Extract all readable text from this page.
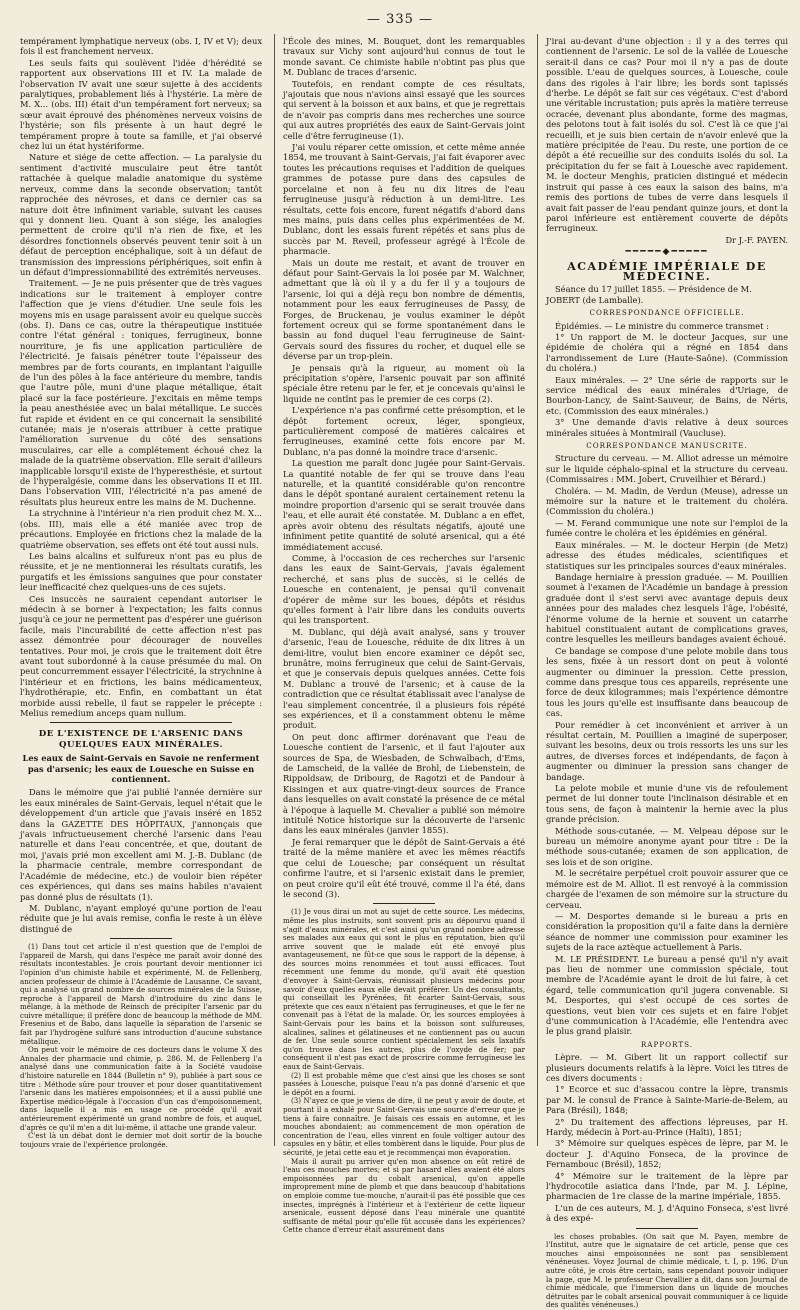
— 335 —

tempérament lymphatique nerveux (obs. I, IV et V); deux fois il est franchement nerveux.

Les seuls faits qui soulèvent l'idée d'hérédité se rapportent aux observations III et IV. La malade de l'observation IV avait une sœur sujette à des accidents paralytiques, probablement liés à l'hystérie. La mère de M. X... (obs. III) était d'un tempérament fort nerveux; sa sœur avait éprouvé des phénomènes nerveux voisins de l'hystérie; son fils présente à un haut degré le tempérament propre à toute sa famille, et j'ai observé chez lui un état hystériforme.

Nature et siége de cette affection. — La paralysie du sentiment d'activité musculaire peut être tantôt rattachée à quelque maladie anatomique du système nerveux, comme dans la seconde observation; tantôt rapprochée des névroses, et dans ce dernier cas sa nature doit être infiniment variable, suivant les causes qui y donnent lieu. Quant à son siége, les analogies permettent de croire qu'il n'a rien de fixe, et les désordres fonctionnels observés peuvent tenir soit à un défaut de perception encéphalique, soit à un défaut de transmission des impressions périphériques, soit enfin à un défaut d'impressionnabilité des extrémités nerveuses.

Traitement. — Je ne puis présenter que de très vagues indications sur le traitement à employer contre l'affection que je viens d'étudier. Une seule fois les moyens mis en usage paraissent avoir eu quelque succès (obs. I). Dans ce cas, outre la thérapeutique instituée contre l'état général : toniques, ferrugineux, bonne nourriture, je fis une application particulière de l'électricité. Je faisais pénétrer toute l'épaisseur des membres par de forts courants, en implantant l'aiguille de l'un des pôles à la face antérieure du membre, tandis que l'autre pôle, muni d'une plaque métallique, était placé sur la face postérieure. J'excitais en même temps la peau anesthésiée avec un balai métallique. Le succès fut rapide et évident en ce qui concernait la sensibilité cutanée; mais je n'oserais attribuer à cette pratique l'amélioration survenue du côté des sensations musculaires, car elle a complétement échoué chez la malade de la quatrième observation. Elle serait d'ailleurs inapplicable lorsqu'il existe de l'hyperesthésie, et surtout de l'hyperalgésie, comme dans les observations II et III. Dans l'observation VIII, l'électricité n'a pas amené de résultats plus heureux entre les mains de M. Duchenne.

La strychnine à l'intérieur n'a rien produit chez M. X... (obs. III), mais elle a été maniée avec trop de précautions. Employée en frictions chez la malade de la quatrième observation, ses effets ont été tout aussi nuls.

Les bains alcalins et sulfureux n'ont pas eu plus de réussite, et je ne mentionnerai les résultats curatifs, les purgatifs et les émissions sanguines que pour constater leur inefficacité chez quelques-uns de ces sujets.

Ces insuccès ne sauraient cependant autoriser le médecin à se borner à l'expectation; les faits connus jusqu'à ce jour ne permettent pas d'espérer une guérison facile, mais l'incurabilité de cette affection n'est pas assez démontrée pour décourager de nouvelles tentatives. Pour moi, je crois que le traitement doit être avant tout subordonné à la cause présumée du mal. On peut concurremment essayer l'électricité, la strychnine à l'intérieur et en frictions, les bains médicamenteux, l'hydrothérapie, etc. Enfin, en combattant un état morbide aussi rebelle, il faut se rappeler le précepte : Melius remedium anceps quam nullum.

DE L'EXISTENCE DE L'ARSENIC DANS QUELQUES EAUX MINÉRALES.
Les eaux de Saint-Gervais en Savoie ne renferment pas d'arsenic; les eaux de Louesche en Suisse en contiennent.

Dans le mémoire que j'ai publié l'année dernière sur les eaux minérales de Saint-Gervais, lequel n'était que le développement d'un article que j'avais inséré en 1852 dans la GAZETTE DES HÔPITAUX, j'annonçais que j'avais infructueusement cherché l'arsenic dans l'eau naturelle et dans l'eau concentrée, et que, doutant de moi, j'avais prié mon excellent ami M. J.-B. Dublanc (de la pharmacie centrale, membre correspondant de l'Académie de médecine, etc.) de vouloir bien répéter ces expériences, qui dans ses mains habiles n'avaient pas donné plus de résultats (1).

M. Dublanc, n'ayant employé qu'une portion de l'eau réduite que je lui avais remise, confia le reste à un élève distingué de

(1) Dans tout cet article il n'est question que de l'emploi de l'appareil de Marsh, qui dans l'espèce me paraît avoir donné des résultats incontestables. Je crois pourtant devoir mentionner ici l'opinion d'un chimiste habile et expérimenté, M. de Fellenberg, ancien professeur de chimie à l'Académie de Lausanne. Ce savant, qui a analysé un grand nombre de sources minérales de la Suisse, reproche à l'appareil de Marsh d'introduire du zinc dans le mélange, à la méthode de Reinsch de précipiter l'arsenic par du cuivre métallique; il préfère donc de beaucoup la méthode de MM. Fresenius et de Babo, dans laquelle la séparation de l'arsenic se fait par l'hydrogène sulfuré sans introduction d'aucune substance métallique.

On peut voir le mémoire de ces docteurs dans le volume X des Annales der pharmacie und chimie, p. 286. M. de Fellenberg l'a analysé dans une communication faite à la Société vaudoise d'histoire naturelle en 1844 (Bulletin n° 9), publiée à part sous ce titre : Méthode sûre pour trouver et pour doser quantitativement l'arsenic dans les matières empoisonnées; et il a aussi publié une Expertise médico-légale à l'occasion d'un cas d'empoisonnement, dans laquelle il a mis en usage ce procédé qu'il avait antérieurement expérimenté un grand nombre de fois, et auquel, d'après ce qu'il m'en a dit lui-même, il attache une grande valeur.

C'est là un débat dont le dernier mot doit sortir de la bouche toujours vraie de l'expérience prolongée.

l'École des mines, M. Bouquet, dont les remarquables travaux sur Vichy sont aujourd'hui connus de tout le monde savant. Ce chimiste habile n'obtint pas plus que M. Dublanc de traces d'arsenic.

Toutefois, en rendant compte de ces résultats, j'ajoutais que nous n'avions ainsi essayé que les sources qui servent à la boisson et aux bains, et que je regrettais de n'avoir pas compris dans mes recherches une source qui aux autres propriétés des eaux de Saint-Gervais joint celle d'être ferrugineuse (1).

J'ai voulu réparer cette omission, et cette même année 1854, me trouvant à Saint-Gervais, j'ai fait évaporer avec toutes les précautions requises et l'addition de quelques grammes de potasse pure dans des capsules de porcelaine et non à feu nu dix litres de l'eau ferrugineuse jusqu'à réduction à un demi-litre. Les résultats, cette fois encore, furent négatifs d'abord dans mes mains, puis dans celles plus expérimentées de M. Dublanc, dont les essais furent répétés et sans plus de succès par M. Reveil, professeur agrégé à l'École de pharmacie.

Mais un doute me restait, et avant de trouver en défaut pour Saint-Gervais la loi posée par M. Walchner, admettant que là où il y a du fer il y a toujours de l'arsenic, loi qui a déjà reçu bon nombre de démentis, notamment pour les eaux ferrugineuses de Passy, de Forges, de Bruckenau, je voulus examiner le dépôt fortement ocreux qui se forme spontanément dans le bassin au fond duquel l'eau ferrugineuse de Saint-Gervais sourd des fissures du rocher, et duquel elle se déverse par un trop-plein.

Je pensais qu'à la rigueur, au moment où la précipitation s'opère, l'arsenic pouvait par son affinité spéciale être retenu par le fer, et je concevais qu'ainsi le liquide ne contînt pas le premier de ces corps (2).

L'expérience n'a pas confirmé cette présomption, et le dépôt fortement ocreux, léger, spongieux, particulièrement composé de matières calcaires et ferrugineuses, examiné cette fois encore par M. Dublanc, n'a pas donné la moindre trace d'arsenic.

La question me paraît donc jugée pour Saint-Gervais. La quantité notable de fer qui se trouve dans l'eau naturelle, et la quantité considérable qu'on rencontre dans le dépôt spontané auraient certainement retenu la moindre proportion d'arsenic qui se serait trouvée dans l'eau, et elle aurait été constatée. M. Dublanc a en effet, après avoir obtenu des résultats négatifs, ajouté une infiniment petite quantité de soluté arsenical, qui a été immédiatement accusé.

Comme, à l'occasion de ces recherches sur l'arsenic dans les eaux de Saint-Gervais, j'avais également recherché, et sans plus de succès, si le cellés de Louesche en contenaient, je pensai qu'il convenait d'opérer de même sur les boues, dépôts et résidus qu'elles forment à l'air libre dans les conduits ouverts qui les transportent.

M. Dublanc, qui déjà avait analysé, sans y trouver d'arsenic, l'eau de Louesche, réduite de dix litres à un demi-litre, voulut bien encore examiner ce dépôt sec, brunâtre, moins ferrugineux que celui de Saint-Gervais, et que je conservais depuis quelques années. Cette fois M. Dublanc a trouvé de l'arsenic; et à cause de la contradiction que ce résultat établissait avec l'analyse de l'eau simplement concentrée, il a plusieurs fois répété ses expériences, et il a constamment obtenu le même produit.

On peut donc affirmer dorénavant que l'eau de Louesche contient de l'arsenic, et il faut l'ajouter aux sources de Spa, de Wiesbaden, de Schwalbach, d'Ems, de Lamscheid, de la vallée de Brohl, de Liebenstein, de Rippoldsaw, de Dribourg, de Ragotzi et de Pandour à Kissingen et aux quatre-vingt-deux sources de France dans lesquelles on avait constaté la présence de ce métal à l'époque à laquelle M. Chevalier a publié son mémoire intitulé Notice historique sur la découverte de l'arsenic dans les eaux minérales (janvier 1855).

Je ferai remarquer que le dépôt de Saint-Gervais a été traité de la même manière et avec les mêmes réactifs que celui de Louesche; par conséquent un résultat confirme l'autre, et si l'arsenic existait dans le premier, on peut croire qu'il eût été trouvé, comme il l'a été, dans le second (3).

(1) Je vous dirai un mot au sujet de cette source. Les médecins, même les plus instruits, sont souvent pris au dépourvu quand il s'agit d'eaux minérales, et c'est ainsi qu'un grand nombre adresse ses malades aux eaux qui sont le plus en réputation, bien qu'il arrive souvent que le malade eût été envoyé plus avantageusement, ne fût-ce que sous le rapport de la dépense, à des sources moins renommées et tout aussi efficaces. Tout récemment une femme du monde, qu'il avait été question d'envoyer à Saint-Gervais, réunissait plusieurs médecins pour savoir d'eux quelles eaux elle devait préférer. Un des consultants, qui conseillait les Pyrénées, fit écarter Saint-Gervais, sous prétexte que ces eaux n'étaient pas ferrugineuses, et que le fer ne convenait pas à l'état de la malade. Or, les sources employées à Saint-Gervais pour les bains et la boisson sont sulfureuses, alcalines, salines et gélatineuses et ne contiennent pas ou aucun de fer. Une seule source contient spécialement les sels laxatifs qu'on trouve dans les autres, plus de l'oxyde de fer; par conséquent il n'est pas exact de proscrire comme ferrugineuse les eaux de Saint-Gervais.

(2) Il est probable même que c'est ainsi que les choses se sont passées à Louesche, puisque l'eau n'a pas donné d'arsenic et que le dépôt en a fourni.

(3) N'ayez ce que je viens de dire, il ne peut y avoir de doute, et pourtant il a exhalé pour Saint-Gervais une source d'erreur que je tiens à faire connaître. Je faisais ces essais en automne, et les mouches abondaient; au commencement de mon opération de concentration de l'eau, elles vinrent en foule voltiger autour des capsules en y bâtir, et elles tombèrent dans le liquide. Pour plus de sécurité, je jetai cette eau et je recommençai mon évaporation.

Mais il aurait pu arriver qu'en mon absence on eût retiré de l'eau ces mouches mortes; et si par hasard elles avaient été alors empoisonnées par du cobalt arsenical, qu'on appelle improprement mine de plomb et que dans beaucoup d'habitations on emploie comme tue-mouche, n'aurait-il pas été possible que ces insectes, imprégnés à l'intérieur et à l'extérieur de cette liqueur arsenicale, eussent déposé dans l'eau minérale une quantité suffisante de métal pour qu'elle fût accusée dans les expériences? Cette chance d'erreur était assurément dans

J'irai au-devant d'une objection : il y a des terres qui contiennent de l'arsenic. Le sol de la vallée de Louesche serait-il dans ce cas? Pour moi il n'y a pas de doute possible. L'eau de quelques sources, à Louesche, coule dans des rigoles à l'air libre; les bords sont tapissés d'herbe. Le dépôt se fait sur ces végétaux. C'est d'abord une véritable incrustation; puis après la matière terreuse ocracée, devenant plus abondante, forme des magmas, des pelotons tout à fait isolés du sol. C'est là ce que j'ai recueilli, et je suis bien certain de n'avoir enlevé que la matière précipitée de l'eau. Du reste, une portion de ce dépôt a été recueillie sur des conduits isolés du sol. La précipitation du fer se fait à Louesche avec rapidement. M. le docteur Menghis, praticien distingué et médecin instruit qui passe à ces eaux la saison des bains, m'a remis des portions de tubes de verre dans lesquels il avait fait passer de l'eau pendant quinze jours, et dont la paroi inférieure est entièrement couverte de dépôts ferrugineux.

Dr J.-F. PAYEN.
━━━━━◆━━━━━
ACADÉMIE IMPÉRIALE DE MÉDECINE.

Séance du 17 juillet 1855. — Présidence de M. JOBERT (de Lamballe).

CORRESPONDANCE OFFICIELLE.

Épidémies. — Le ministre du commerce transmet :

1° Un rapport de M. le docteur Jacques, sur une épidémie de choléra qui a régné en 1854 dans l'arrondissement de Lure (Haute-Saône). (Commission du choléra.)

Eaux minérales. — 2° Une série de rapports sur le service médical des eaux minérales d'Uriage, de Bourbon-Lancy, de Saint-Sauveur, de Bains, de Néris, etc. (Commission des eaux minérales.)

3° Une demande d'avis relative à deux sources minérales situées à Montmirail (Vaucluse).

CORRESPONDANCE MANUSCRITE.

Structure du cerveau. — M. Alliot adresse un mémoire sur le liquide céphalo-spinal et la structure du cerveau. (Commissaires : MM. Jobert, Cruveilhier et Bérard.)

Choléra. — M. Madin, de Verdun (Meuse), adresse un mémoire sur la nature et le traitement du choléra. (Commission du choléra.)

— M. Ferand communique une note sur l'emploi de la fumée contre le choléra et les épidémies en général.

Eaux minérales. — M. le docteur Herpin (de Metz) adresse des études médicales, scientifiques et statistiques sur les principales sources d'eaux minérales.

Bandage herniaire à pression graduée. — M. Pouillien soumet à l'examen de l'Académie un bandage à pression graduée dont il s'est servi avec avantage depuis deux années pour des malades chez lesquels l'âge, l'obésité, l'énorme volume de la hernie et souvent un catarrhe habituel constituaient autant de complications graves, contre lesquelles les meilleurs bandages avaient échoué.

Ce bandage se compose d'une pelote mobile dans tous les sens, fixée à un ressort dont on peut à volonté augmenter ou diminuer la pression. Cette pression, comme dans presque tous ces appareils, représente une force de deux kilogrammes; mais l'expérience démontre tous les jours qu'elle est insuffisante dans beaucoup de cas.

Pour remédier à cet inconvénient et arriver à un résultat certain, M. Pouillien a imaginé de superposer, suivant les besoins, deux ou trois ressorts les uns sur les autres, de diverses forces et indépendants, de façon à augmenter ou diminuer la pression sans changer de bandage.

La pelote mobile et munie d'une vis de refoulement permet de lui donner toute l'inclinaison désirable et en tous sens, de façon à maintenir la hernie avec la plus grande précision.

Méthode sous-cutanée. — M. Velpeau dépose sur le bureau un mémoire anonyme ayant pour titre : De la méthode sous-cutanée; examen de son application, de ses lois et de son origine.

M. le secrétaire perpétuel croit pouvoir assurer que ce mémoire est de M. Alliot. Il est renvoyé à la commission chargée de l'examen de son mémoire sur la structure du cerveau.

— M. Desportes demande si le bureau a pris en considération la proposition qu'il a faite dans la dernière séance de nommer une commission pour examiner les sujets de la race aztèque actuellement à Paris.

M. LE PRÉSIDENT. Le bureau a pensé qu'il n'y avait pas lieu de nommer une commission spéciale, tout membre de l'Académie ayant le droit de lui faire, à cet égard, telle communication qu'il jugera convenable. Si M. Desportes, qui s'est occupé de ces sortes de questions, veut bien voir ces sujets et en faire l'objet d'une communication à l'Académie, elle l'entendra avec le plus grand plaisir.

RAPPORTS.

Lèpre. — M. Gibert lit un rapport collectif sur plusieurs documents relatifs à la lèpre. Voici les titres de ces divers documents :

1° Ecorce et suc d'assacou contre la lèpre, transmis par M. le consul de France à Sainte-Marie-de-Belem, au Para (Brésil), 1848;

2° Du traitement des affections lépreuses, par H. Hardy, médecin à Port-au-Prince (Haïti), 1851;

3° Mémoire sur quelques espèces de lèpre, par M. le docteur J. d'Aquino Fonseca, de la province de Fernambouc (Brésil), 1852;

4° Mémoire sur le traitement de la lèpre par l'hydrocotile asiatica dans l'Inde, par M. J. Lépine, pharmacien de 1re classe de la marine impériale, 1855.

L'un de ces auteurs, M. J. d'Aquino Fonseca, s'est livré à des expé-

les choses probables. (On sait que M. Payen, membre de l'Institut, autre que le signataire de cet article, pense que ces mouches ainsi empoisonnées ne sont pas sensiblement vénéneuses. Voyez Journal de chimie médicale, t. I, p. 196. D'un autre côté, je crois être certain, sans cependant pouvoir indiquer la page, que M. le professeur Chevallier a dit, dans son Journal de chimie médicale, que l'immersion dans un liquide de mouches détruites par le cobalt arsenical pouvait communiquer à ce liquide des qualités vénéneuses.)
